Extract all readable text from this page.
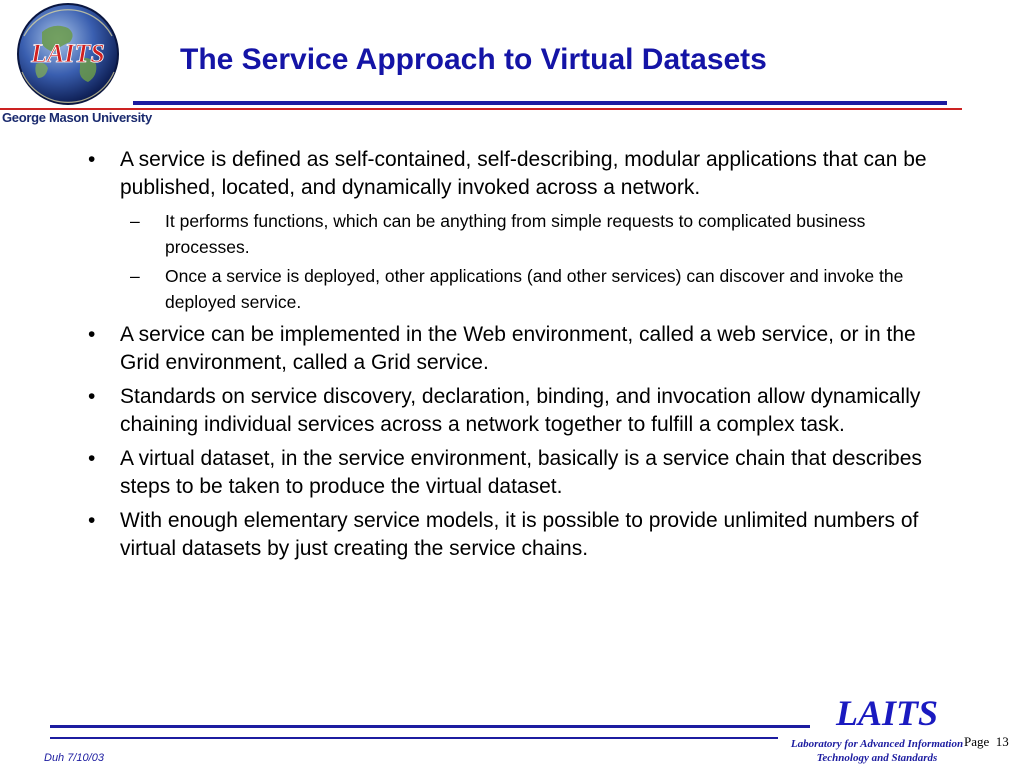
LAITS
George Mason University
The Service Approach to Virtual Datasets
• A service is defined as self-contained, self-describing, modular applications that can be published, located, and dynamically invoked across a network.
– It performs functions, which can be anything from simple requests to complicated business processes.
– Once a service is deployed, other applications (and other services) can discover and invoke the deployed service.
• A service can be implemented in the Web environment, called a web service, or in the Grid environment, called a Grid service.
• Standards on service discovery, declaration, binding, and invocation allow dynamically chaining individual services across a network together to fulfill a complex task.
• A virtual dataset, in the service environment, basically is a service chain that describes steps to be taken to produce the virtual dataset.
• With enough elementary service models, it is possible to provide unlimited numbers of virtual datasets by just creating the service chains.
Duh 7/10/03
LAITS
Laboratory for Advanced Information
Technology and Standards
Page 13
